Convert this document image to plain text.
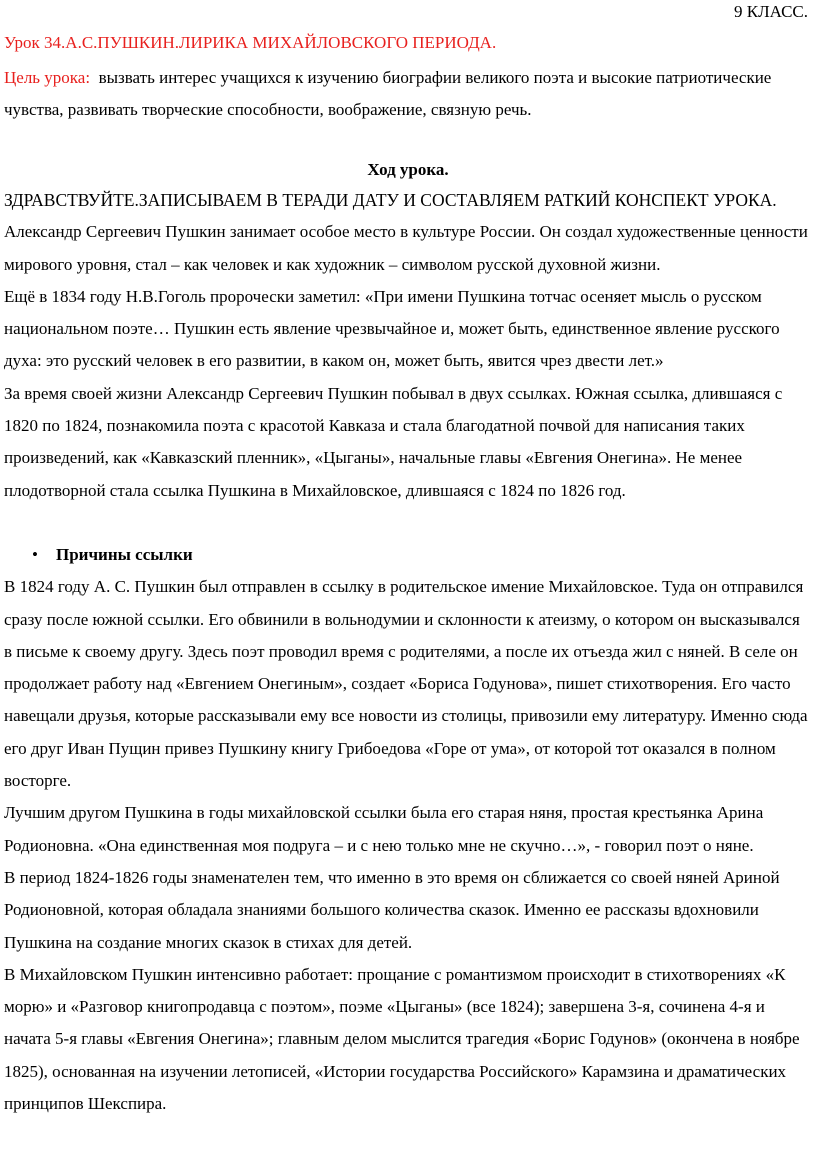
9 КЛАСС.
Урок 34.А.С.ПУШКИН.ЛИРИКА МИХАЙЛОВСКОГО ПЕРИОДА.
Цель урока: вызвать интерес учащихся к изучению биографии великого поэта и высокие патриотические чувства, развивать творческие способности, воображение, связную речь.
Ход урока.

ЗДРАВСТВУЙТЕ.ЗАПИСЫВАЕМ В ТЕРАДИ ДАТУ И СОСТАВЛЯЕМ РАТКИЙ КОНСПЕКТ УРОКА.

Александр Сергеевич Пушкин занимает особое место в культуре России. Он создал художественные ценности мирового уровня, стал – как человек и как художник – символом русской духовной жизни.

Ещё в 1834 году Н.В.Гоголь пророчески заметил: «При имени Пушкина тотчас осеняет мысль о русском национальном поэте… Пушкин есть явление чрезвычайное и, может быть, единственное явление русского духа: это русский человек в его развитии, в каком он, может быть, явится чрез двести лет.»

За время своей жизни Александр Сергеевич Пушкин побывал в двух ссылках. Южная ссылка, длившаяся с 1820 по 1824, познакомила поэта с красотой Кавказа и стала благодатной почвой для написания таких произведений, как «Кавказский пленник», «Цыганы», начальные главы «Евгения Онегина». Не менее плодотворной стала ссылка Пушкина в Михайловское, длившаяся с 1824 по 1826 год.

• Причины ссылки

В 1824 году А. С. Пушкин был отправлен в ссылку в родительское имение Михайловское. Туда он отправился сразу после южной ссылки. Его обвинили в вольнодумии и склонности к атеизму, о котором он высказывался в письме к своему другу. Здесь поэт проводил время с родителями, а после их отъезда жил с няней. В селе он продолжает работу над «Евгением Онегиным», создает «Бориса Годунова», пишет стихотворения. Его часто навещали друзья, которые рассказывали ему все новости из столицы, привозили ему литературу. Именно сюда его друг Иван Пущин привез Пушкину книгу Грибоедова «Горе от ума», от которой тот оказался в полном восторге.

Лучшим другом Пушкина в годы михайловской ссылки была его старая няня, простая крестьянка Арина Родионовна. «Она единственная моя подруга – и с нею только мне не скучно…», - говорил поэт о няне.

В период 1824-1826 годы знаменателен тем, что именно в это время он сближается со своей няней Ариной Родионовной, которая обладала знаниями большого количества сказок. Именно ее рассказы вдохновили Пушкина на создание многих сказок в стихах для детей.

В Михайловском Пушкин интенсивно работает: прощание с романтизмом происходит в стихотворениях «К морю» и «Разговор книгопродавца с поэтом», поэме «Цыганы» (все 1824); завершена 3-я, сочинена 4-я и начата 5-я главы «Евгения Онегина»; главным делом мыслится трагедия «Борис Годунов» (окончена в ноябре 1825), основанная на изучении летописей, «Истории государства Российского» Карамзина и драматических принципов Шекспира.
